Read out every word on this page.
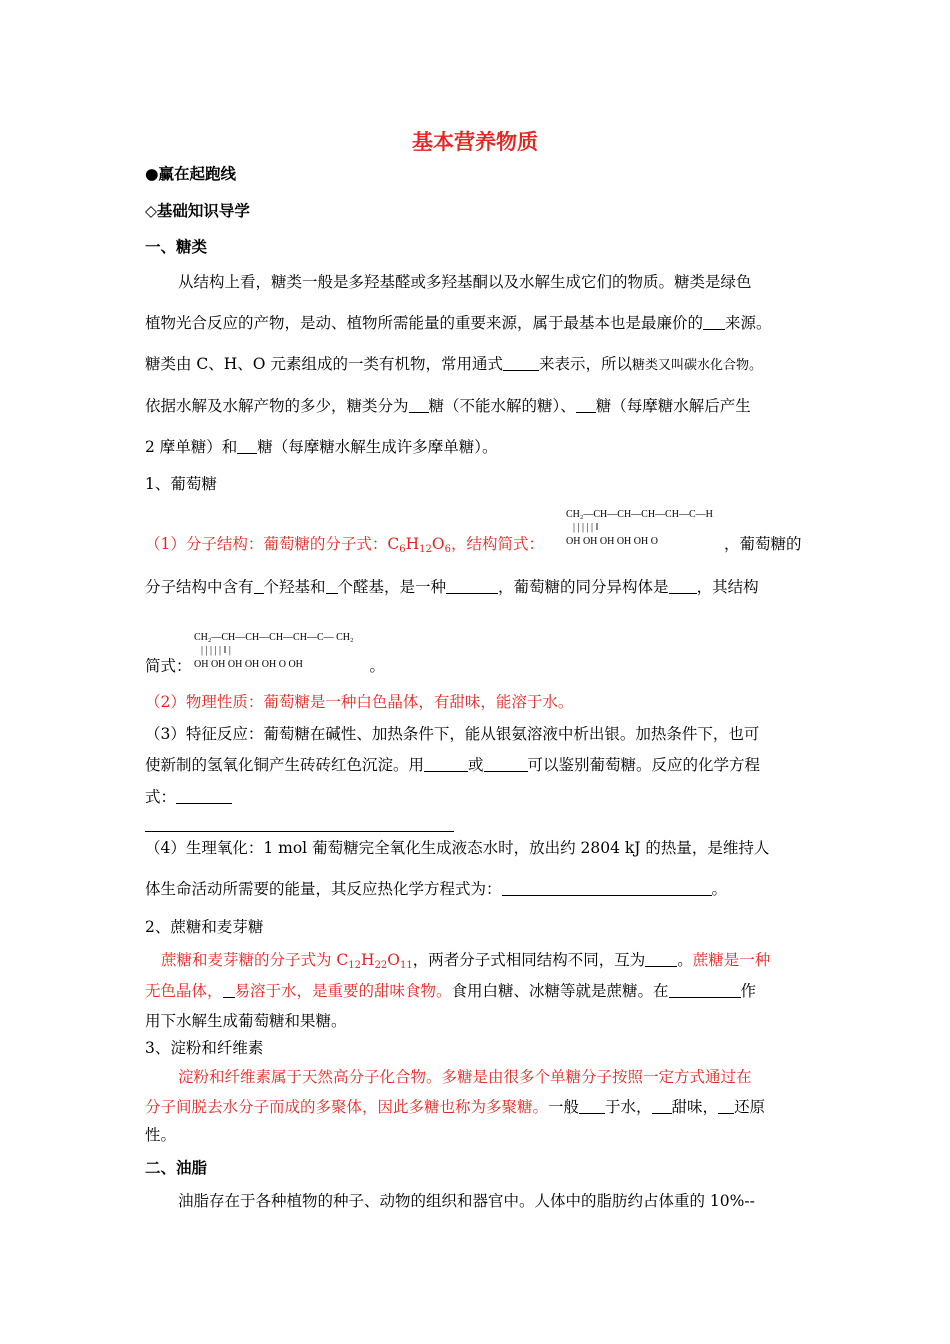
基本营养物质
●赢在起跑线
◇基础知识导学
一、糖类
从结构上看，糖类一般是多羟基醛或多羟基酮以及水解生成它们的物质。糖类是绿色
植物光合反应的产物，是动、植物所需能量的重要来源，属于最基本也是最廉价的 来源。
糖类由 C、H、O 元素组成的一类有机物，常用通式 来表示，所以糖类又叫碳水化合物。
依据水解及水解产物的多少，糖类分为 糖（不能水解的糖）、 糖（每摩糖水解后产生
2 摩单糖）和 糖（每摩糖水解生成许多摩单糖）。
1、葡萄糖
CH₂—CH—CH—CH—CH—C—H
| | | | | ‖
OH OH OH OH OH O
（1）分子结构：葡萄糖的分子式：$C_6H_{12}O_6$，结构简式：	，葡萄糖的
分子结构中含有 个羟基和 个醛基，是一种	，葡萄糖的同分异构体是 ，其结构
CH₂—CH—CH—CH—CH—C— CH₂
| | | | | ‖ |
OH OH OH OH OH O OH
简式：	。
（2）物理性质：葡萄糖是一种白色晶体，有甜味，能溶于水。
（3）特征反应：葡萄糖在碱性、加热条件下，能从银氨溶液中析出银。加热条件下，也可
使新制的氢氧化铜产生砖砖红色沉淀。用	或	可以鉴别葡萄糖。反应的化学方程
式：
（4）生理氧化：1 mol 葡萄糖完全氧化生成液态水时，放出约 2804 kJ 的热量，是维持人
体生命活动所需要的能量，其反应热化学方程式为：	。
2、蔗糖和麦芽糖
蔗糖和麦芽糖的分子式为 $C_{12}H_{22}O_{11}$，两者分子式相同结构不同，互为 。蔗糖是一种
无色晶体， 易溶于水，是重要的甜味食物。食用白糖、冰糖等就是蔗糖。在	作
用下水解生成葡萄糖和果糖。
3、淀粉和纤维素
淀粉和纤维素属于天然高分子化合物。多糖是由很多个单糖分子按照一定方式通过在
分子间脱去水分子而成的多聚体，因此多糖也称为多聚糖。一般 于水， 甜味， 还原
性。
二、油脂
油脂存在于各种植物的种子、动物的组织和器官中。人体中的脂肪约占体重的 10%--
